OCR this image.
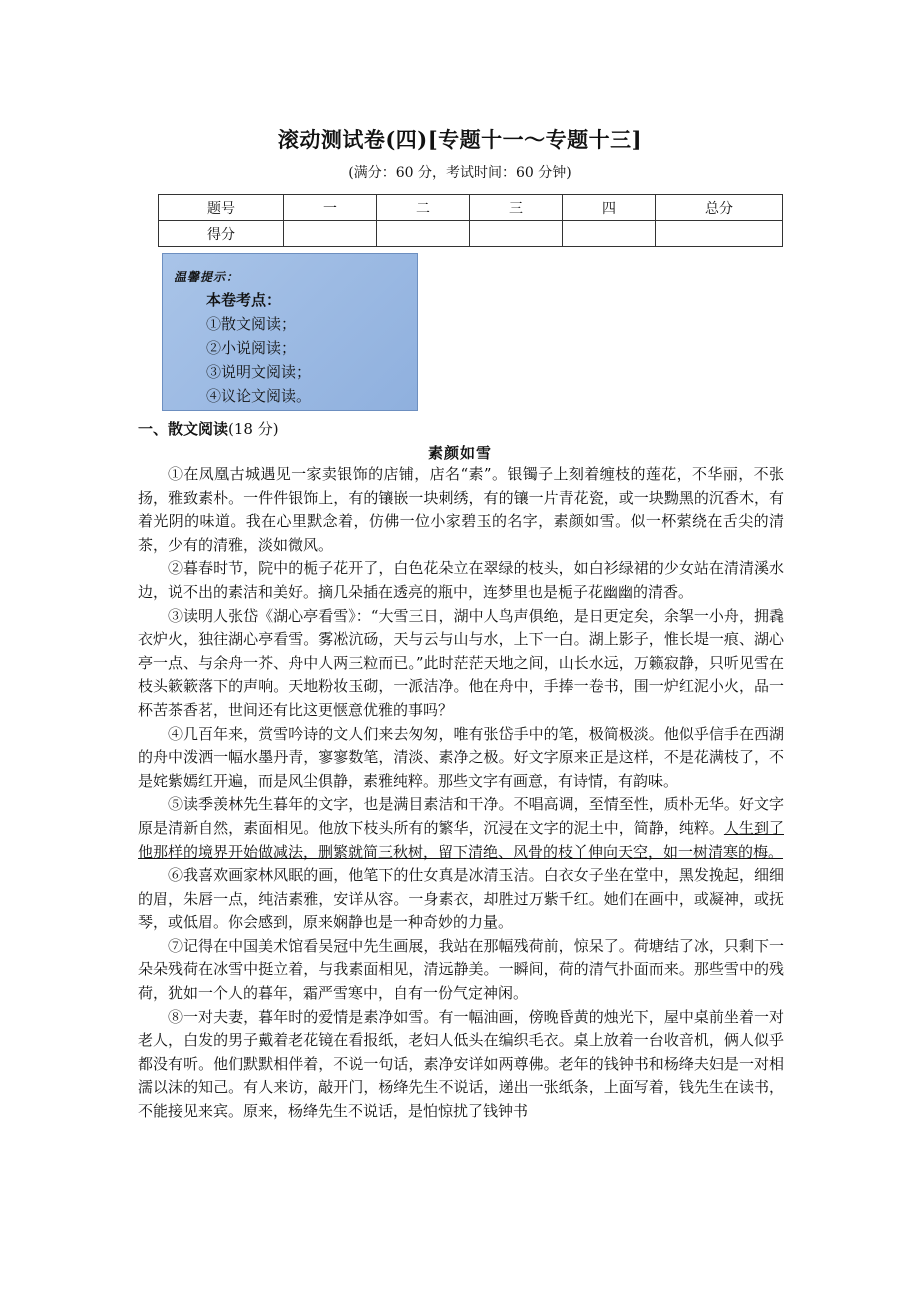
滚动测试卷(四)[专题十一～专题十三]
(满分：60 分，考试时间：60 分钟)
题号	一	二	三	四	总分
得分					
温馨提示：
本卷考点：
①散文阅读；
②小说阅读；
③说明文阅读；
④议论文阅读。
一、散文阅读(18 分)
素颜如雪

①在凤凰古城遇见一家卖银饰的店铺，店名“素”。银镯子上刻着缠枝的莲花，不华丽，不张扬，雅致素朴。一件件银饰上，有的镶嵌一块刺绣，有的镶一片青花瓷，或一块黝黑的沉香木，有着光阴的味道。我在心里默念着，仿佛一位小家碧玉的名字，素颜如雪。似一杯萦绕在舌尖的清茶，少有的清雅，淡如微风。

②暮春时节，院中的栀子花开了，白色花朵立在翠绿的枝头，如白衫绿裙的少女站在清清溪水边，说不出的素洁和美好。摘几朵插在透亮的瓶中，连梦里也是栀子花幽幽的清香。

③读明人张岱《湖心亭看雪》：“大雪三日，湖中人鸟声俱绝，是日更定矣，余挐一小舟，拥毳衣炉火，独往湖心亭看雪。雾凇沆砀，天与云与山与水，上下一白。湖上影子，惟长堤一痕、湖心亭一点、与余舟一芥、舟中人两三粒而已。”此时茫茫天地之间，山长水远，万籁寂静，只听见雪在枝头簌簌落下的声响。天地粉妆玉砌，一派洁净。他在舟中，手捧一卷书，围一炉红泥小火，品一杯苦茶香茗，世间还有比这更惬意优雅的事吗？

④几百年来，赏雪吟诗的文人们来去匆匆，唯有张岱手中的笔，极简极淡。他似乎信手在西湖的舟中泼洒一幅水墨丹青，寥寥数笔，清淡、素净之极。好文字原来正是这样，不是花满枝了，不是姹紫嫣红开遍，而是风尘俱静，素雅纯粹。那些文字有画意，有诗情，有韵味。

⑤读季羡林先生暮年的文字，也是满目素洁和干净。不唱高调，至情至性，质朴无华。好文字原是清新自然，素面相见。他放下枝头所有的繁华，沉浸在文字的泥土中，简静，纯粹。人生到了他那样的境界开始做减法，删繁就简三秋树，留下清绝、风骨的枝丫伸向天空，如一树清寒的梅。

⑥我喜欢画家林风眠的画，他笔下的仕女真是冰清玉洁。白衣女子坐在堂中，黑发挽起，细细的眉，朱唇一点，纯洁素雅，安详从容。一身素衣，却胜过万紫千红。她们在画中，或凝神，或抚琴，或低眉。你会感到，原来娴静也是一种奇妙的力量。

⑦记得在中国美术馆看吴冠中先生画展，我站在那幅残荷前，惊呆了。荷塘结了冰，只剩下一朵朵残荷在冰雪中挺立着，与我素面相见，清远静美。一瞬间，荷的清气扑面而来。那些雪中的残荷，犹如一个人的暮年，霜严雪寒中，自有一份气定神闲。

⑧一对夫妻，暮年时的爱情是素净如雪。有一幅油画，傍晚昏黄的烛光下，屋中桌前坐着一对老人，白发的男子戴着老花镜在看报纸，老妇人低头在编织毛衣。桌上放着一台收音机，俩人似乎都没有听。他们默默相伴着，不说一句话，素净安详如两尊佛。老年的钱钟书和杨绛夫妇是一对相濡以沫的知己。有人来访，敲开门，杨绛先生不说话，递出一张纸条，上面写着，钱先生在读书，不能接见来宾。原来，杨绛先生不说话，是怕惊扰了钱钟书
